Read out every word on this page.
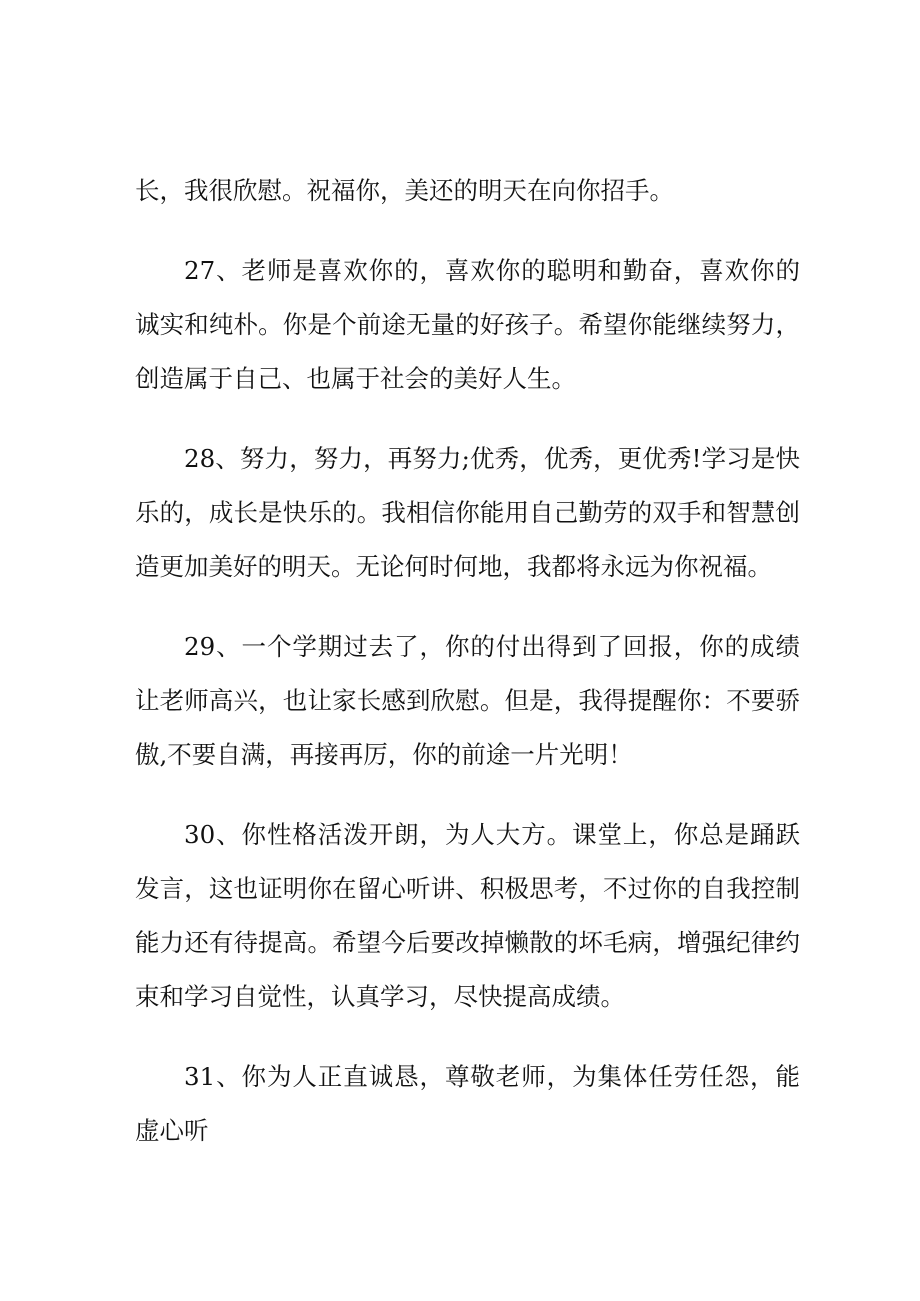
长，我很欣慰。祝福你，美还的明天在向你招手。

27、老师是喜欢你的，喜欢你的聪明和勤奋，喜欢你的诚实和纯朴。你是个前途无量的好孩子。希望你能继续努力，创造属于自己、也属于社会的美好人生。

28、努力，努力，再努力;优秀，优秀，更优秀!学习是快乐的，成长是快乐的。我相信你能用自己勤劳的双手和智慧创造更加美好的明天。无论何时何地，我都将永远为你祝福。

29、一个学期过去了，你的付出得到了回报，你的成绩让老师高兴，也让家长感到欣慰。但是，我得提醒你：不要骄傲,不要自满，再接再厉，你的前途一片光明！

30、你性格活泼开朗，为人大方。课堂上，你总是踊跃发言，这也证明你在留心听讲、积极思考，不过你的自我控制能力还有待提高。希望今后要改掉懒散的坏毛病，增强纪律约束和学习自觉性，认真学习，尽快提高成绩。

31、你为人正直诚恳，尊敬老师，为集体任劳任怨，能虚心听
